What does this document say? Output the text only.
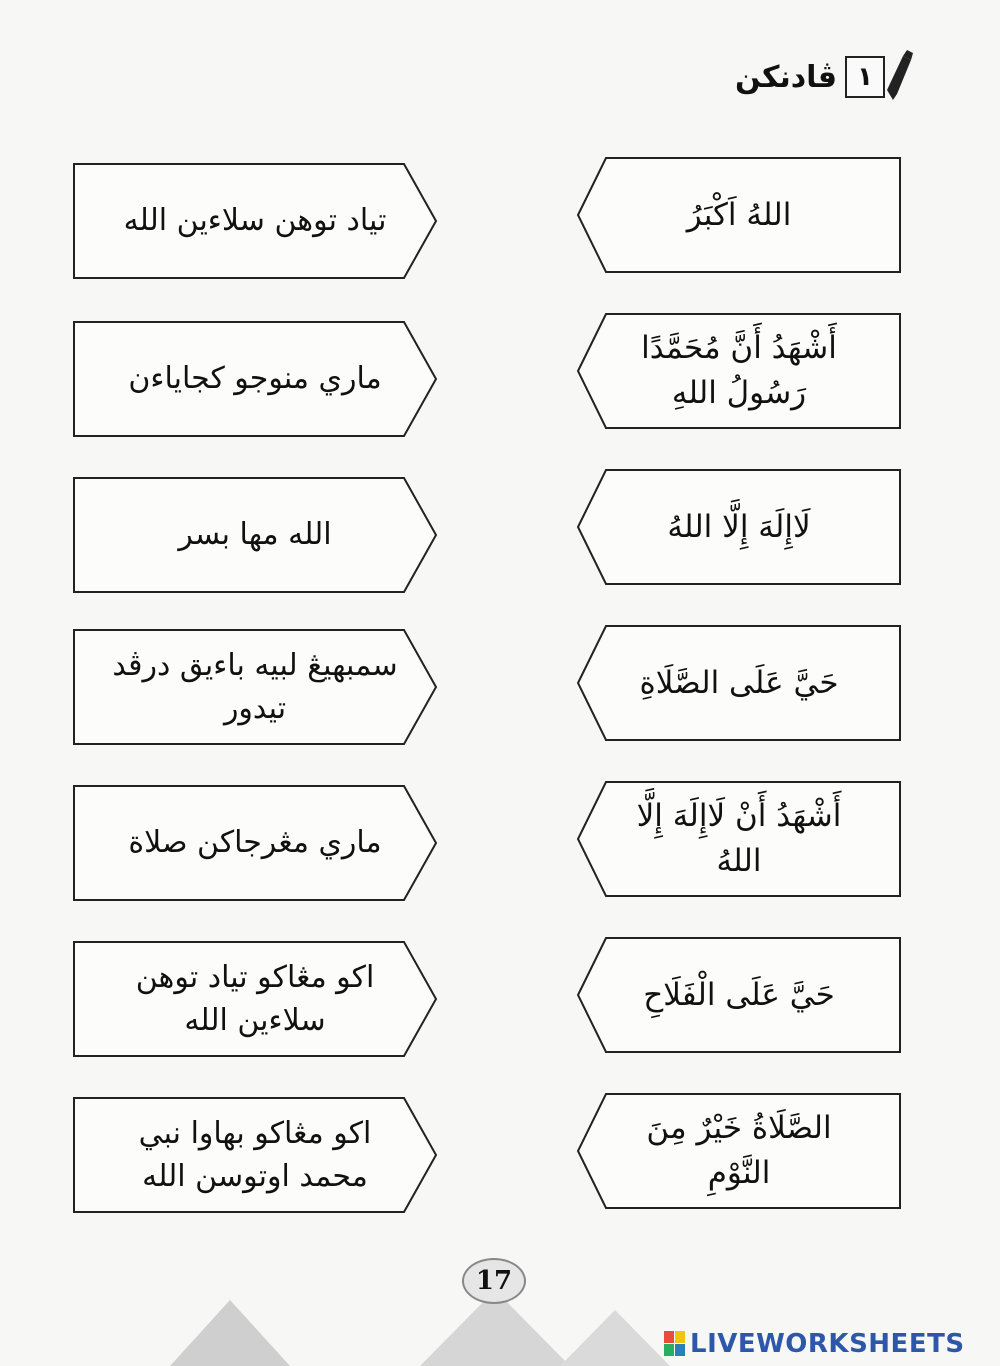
ڤادنكن ١
تياد توهن سلاءين الله
ماري منوجو كجاياءن
الله مها بسر
سمبهيڠ لبيه باءيق درڤد تيدور
ماري مڠرجاكن صلاة
اكو مڠاكو تياد توهن سلاءين الله
اكو مڠاكو بهاوا نبي محمد اوتوسن الله
اللهُ اَكْبَرُ
أَشْهَدُ أَنَّ مُحَمَّدًا رَسُولُ اللهِ
لَاإِلَهَ إِلَّا اللهُ
حَيَّ عَلَى الصَّلَاةِ
أَشْهَدُ أَنْ لَاإِلَهَ إِلَّا اللهُ
حَيَّ عَلَى الْفَلَاحِ
الصَّلَاةُ خَيْرٌ مِنَ النَّوْمِ
17
LIVEWORKSHEETS
